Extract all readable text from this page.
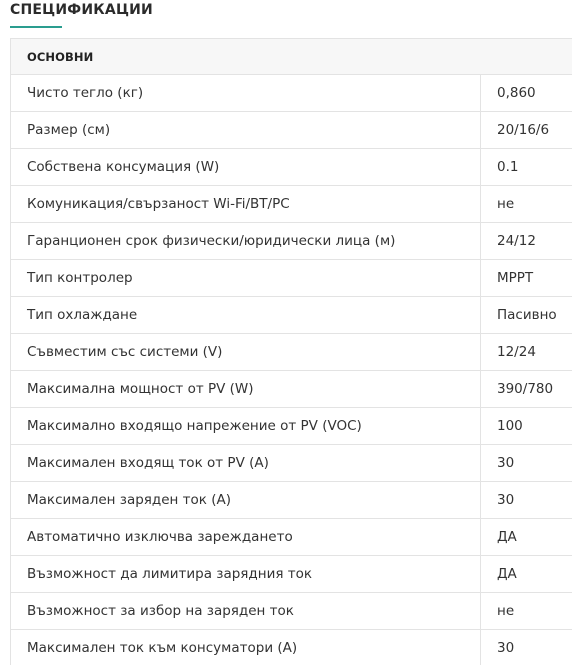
СПЕЦИФИКАЦИИ
ОСНОВНИ	
Чисто тегло (кг)	0,860
Размер (см)	20/16/6
Собствена консумация (W)	0.1
Комуникация/свързаност Wi-Fi/BT/PC	не
Гаранционен срок физически/юридически лица (м)	24/12
Тип контролер	MPPT
Тип охлаждане	Пасивно
Съвместим със системи (V)	12/24
Максимална мощност от PV (W)	390/780
Максимално входящо напрежение от PV (VOC)	100
Максимален входящ ток от PV (A)	30
Максимален заряден ток (A)	30
Автоматично изключва зареждането	ДА
Възможност да лимитира зарядния ток	ДА
Възможност за избор на заряден ток	не
Максимален ток към консуматори (A)	30
